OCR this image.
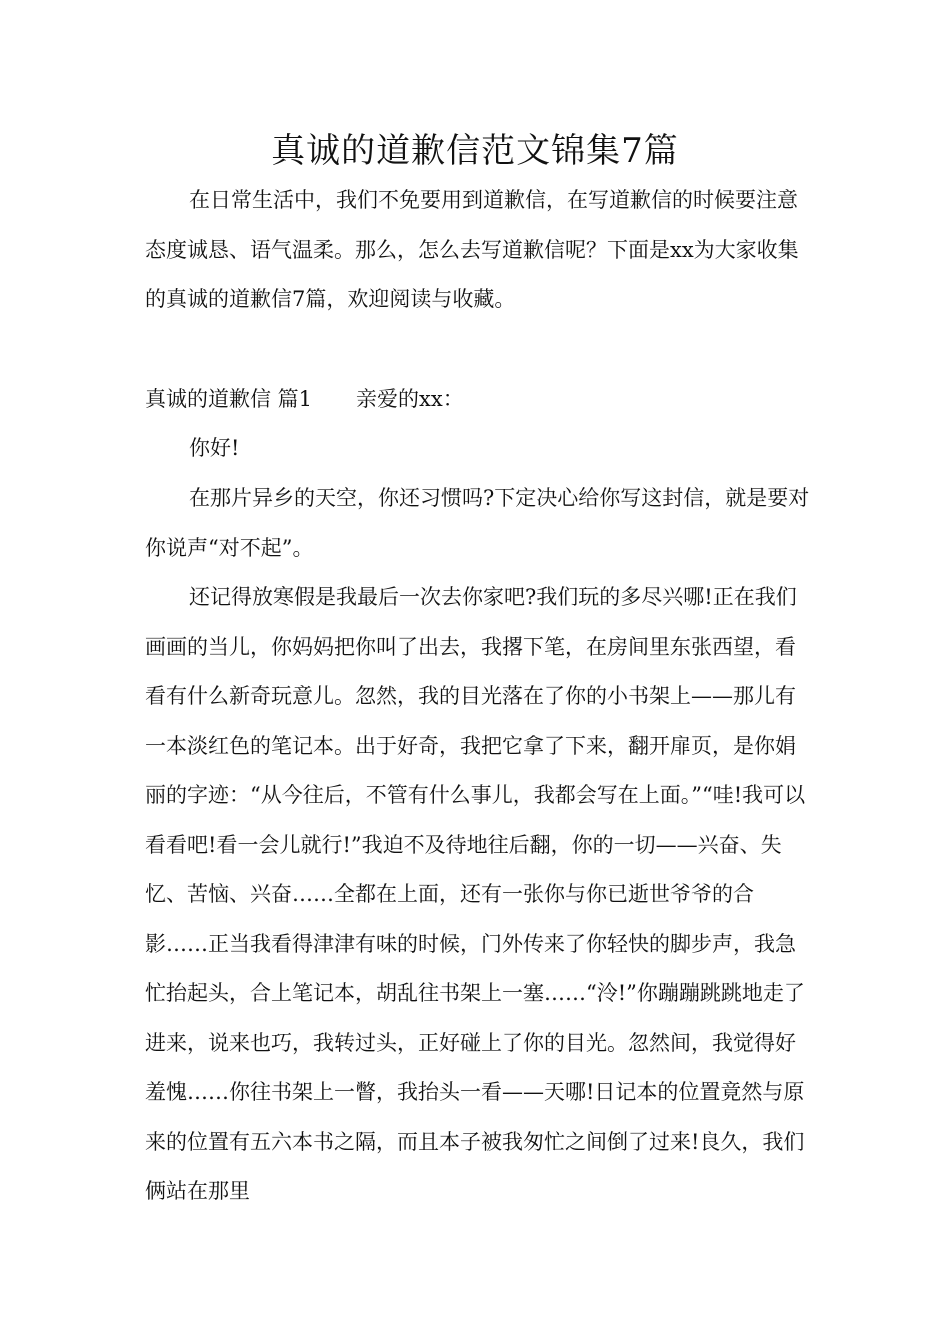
真诚的道歉信范文锦集7篇

在日常生活中，我们不免要用到道歉信，在写道歉信的时候要注意态度诚恳、语气温柔。那么，怎么去写道歉信呢？下面是xx为大家收集的真诚的道歉信7篇，欢迎阅读与收藏。

真诚的道歉信 篇1 亲爱的xx：

你好!

在那片异乡的天空，你还习惯吗?下定决心给你写这封信，就是要对你说声“对不起”。

还记得放寒假是我最后一次去你家吧?我们玩的多尽兴哪!正在我们画画的当儿，你妈妈把你叫了出去，我撂下笔，在房间里东张西望，看看有什么新奇玩意儿。忽然，我的目光落在了你的小书架上——那儿有一本淡红色的笔记本。出于好奇，我把它拿了下来，翻开扉页，是你娟丽的字迹：“从今往后，不管有什么事儿，我都会写在上面。”“哇!我可以看看吧!看一会儿就行!”我迫不及待地往后翻，你的一切——兴奋、失忆、苦恼、兴奋……全都在上面，还有一张你与你已逝世爷爷的合影……正当我看得津津有味的时候，门外传来了你轻快的脚步声，我急忙抬起头，合上笔记本，胡乱往书架上一塞……“泠!”你蹦蹦跳跳地走了进来，说来也巧，我转过头，正好碰上了你的目光。忽然间，我觉得好羞愧……你往书架上一瞥，我抬头一看——天哪!日记本的位置竟然与原来的位置有五六本书之隔，而且本子被我匆忙之间倒了过来!良久，我们俩站在那里
